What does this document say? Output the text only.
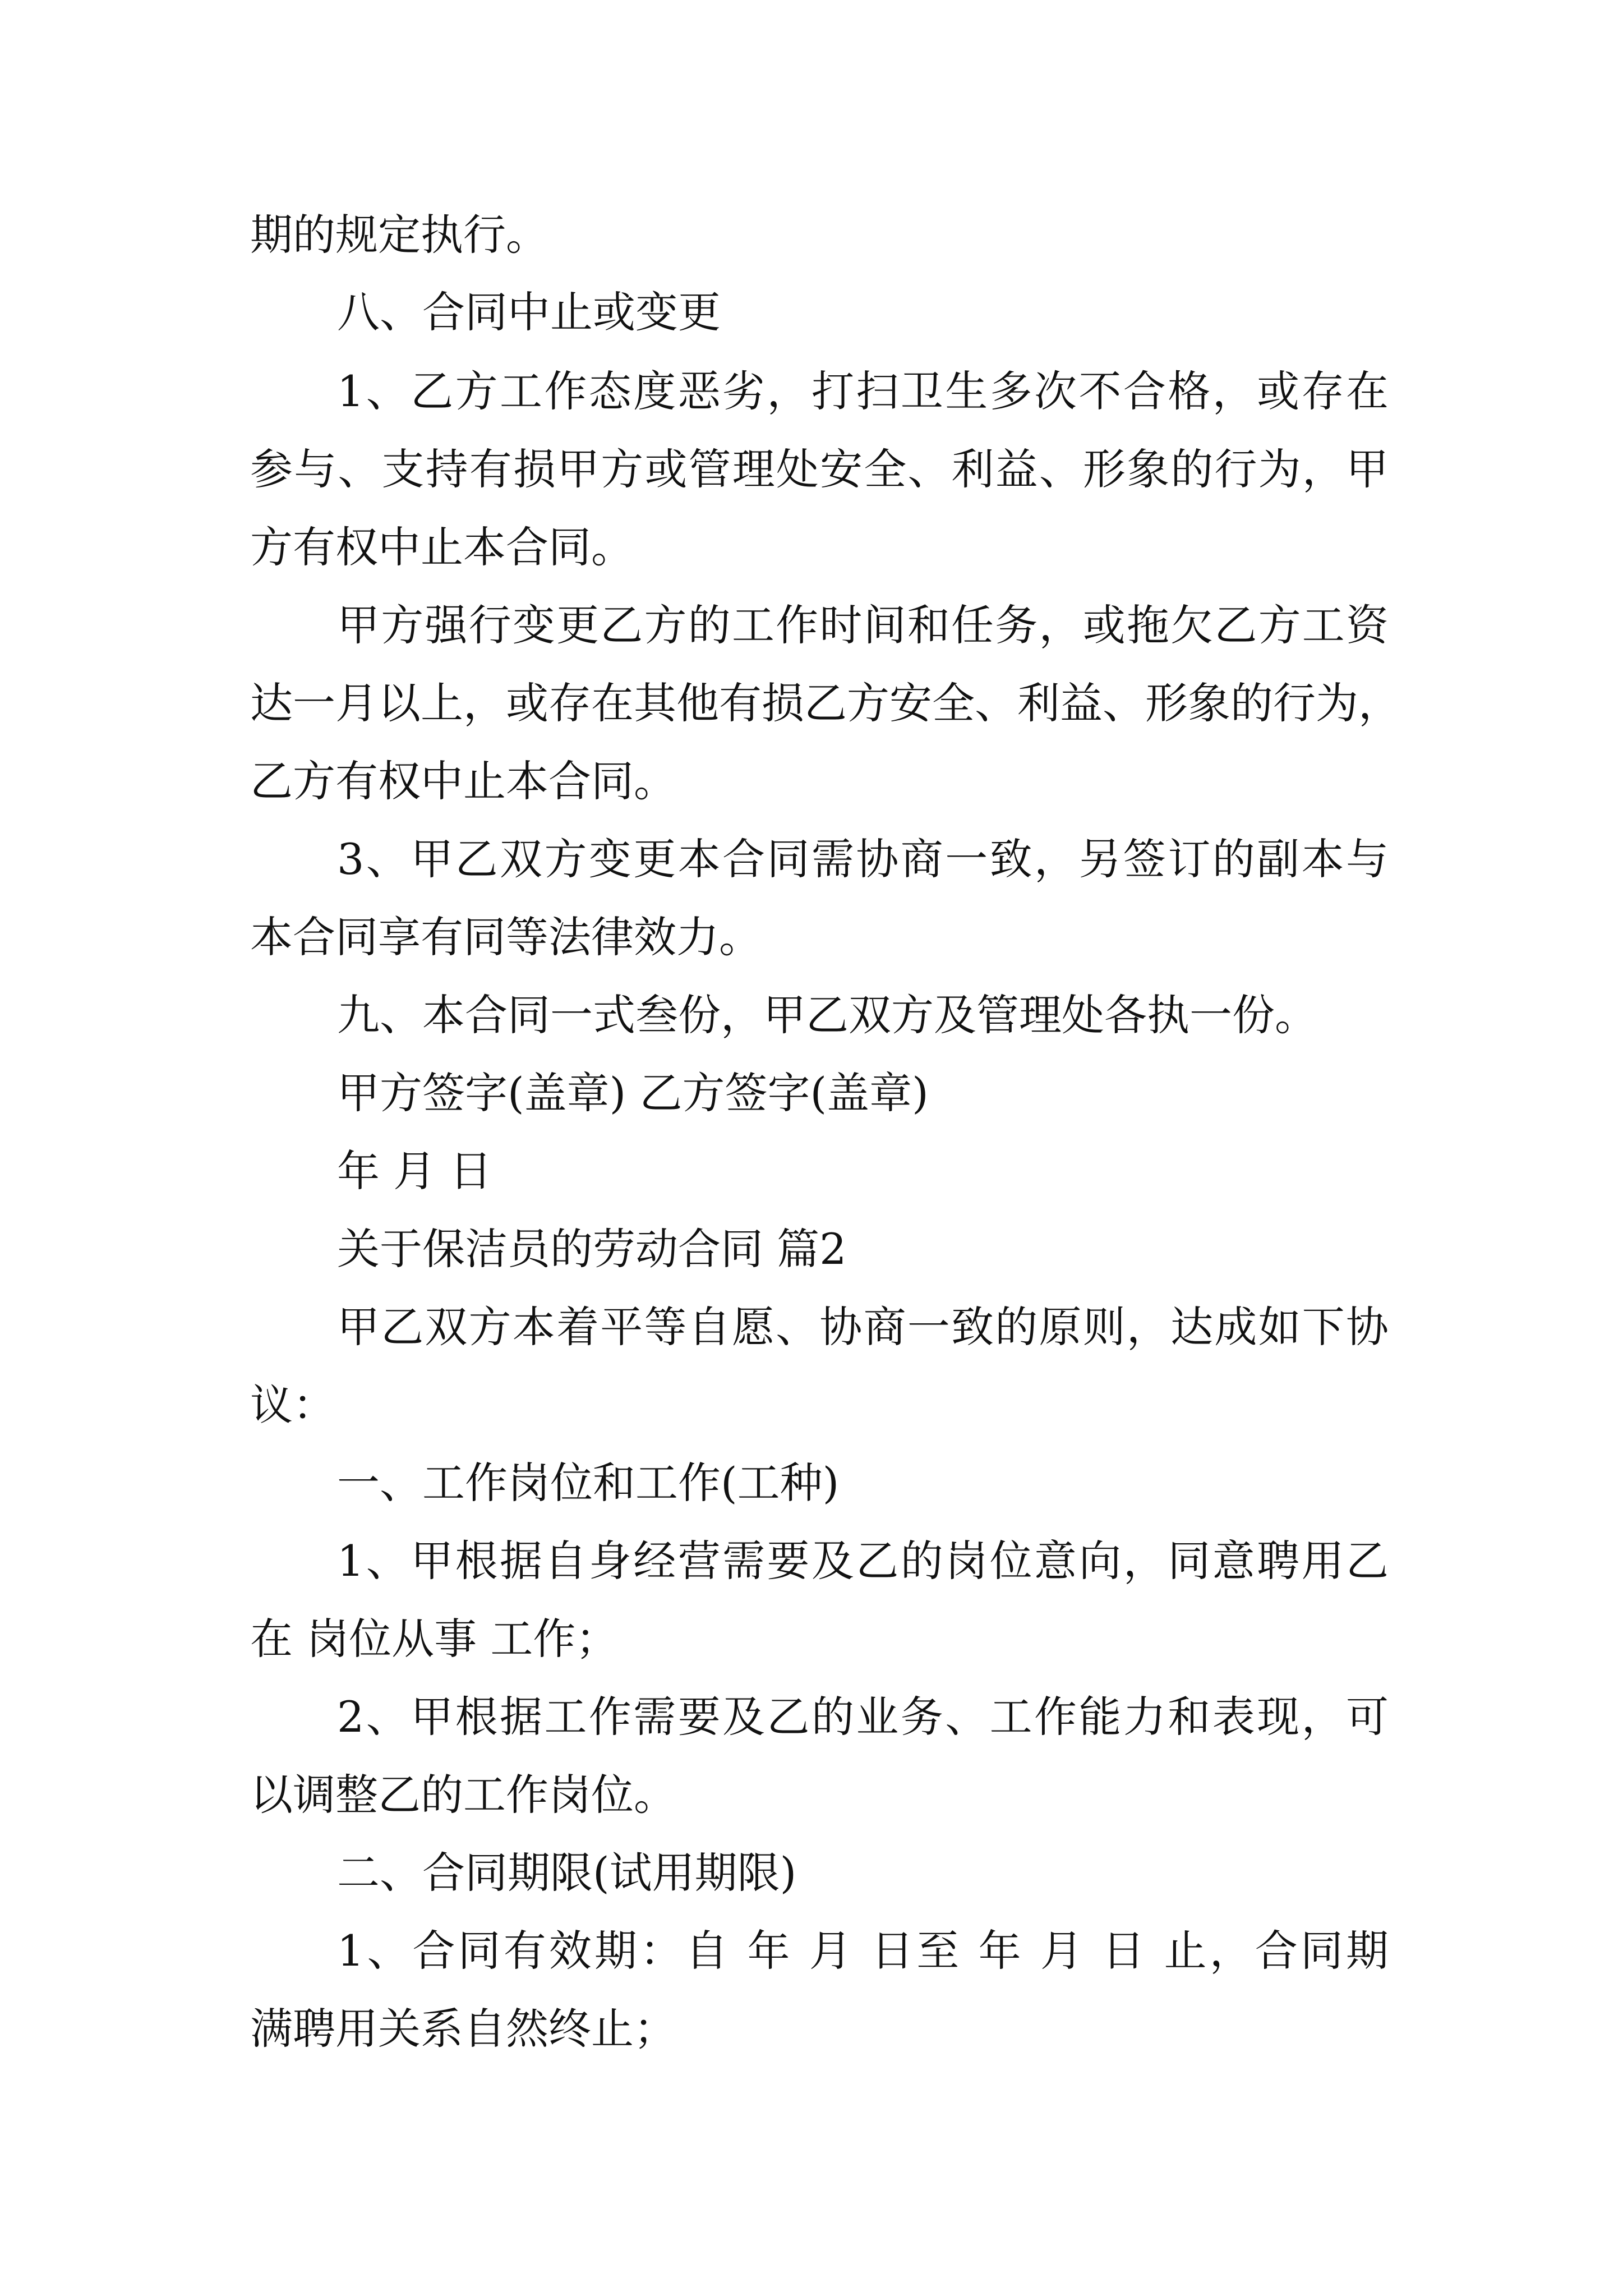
期的规定执行。
八、合同中止或变更
1、乙方工作态度恶劣，打扫卫生多次不合格，或存在
参与、支持有损甲方或管理处安全、利益、形象的行为，甲
方有权中止本合同。
甲方强行变更乙方的工作时间和任务，或拖欠乙方工资
达一月以上，或存在其他有损乙方安全、利益、形象的行为，
乙方有权中止本合同。
3、甲乙双方变更本合同需协商一致，另签订的副本与
本合同享有同等法律效力。
九、本合同一式叁份，甲乙双方及管理处各执一份。
甲方签字(盖章) 乙方签字(盖章)
年 月 日
关于保洁员的劳动合同 篇2
甲乙双方本着平等自愿、协商一致的原则，达成如下协
议：
一、工作岗位和工作(工种)
1、甲根据自身经营需要及乙的岗位意向，同意聘用乙
在 岗位从事 工作；
2、甲根据工作需要及乙的业务、工作能力和表现，可
以调整乙的工作岗位。
二、合同期限(试用期限)
1、合同有效期：自 年 月 日至 年 月 日 止，合同期
满聘用关系自然终止；
